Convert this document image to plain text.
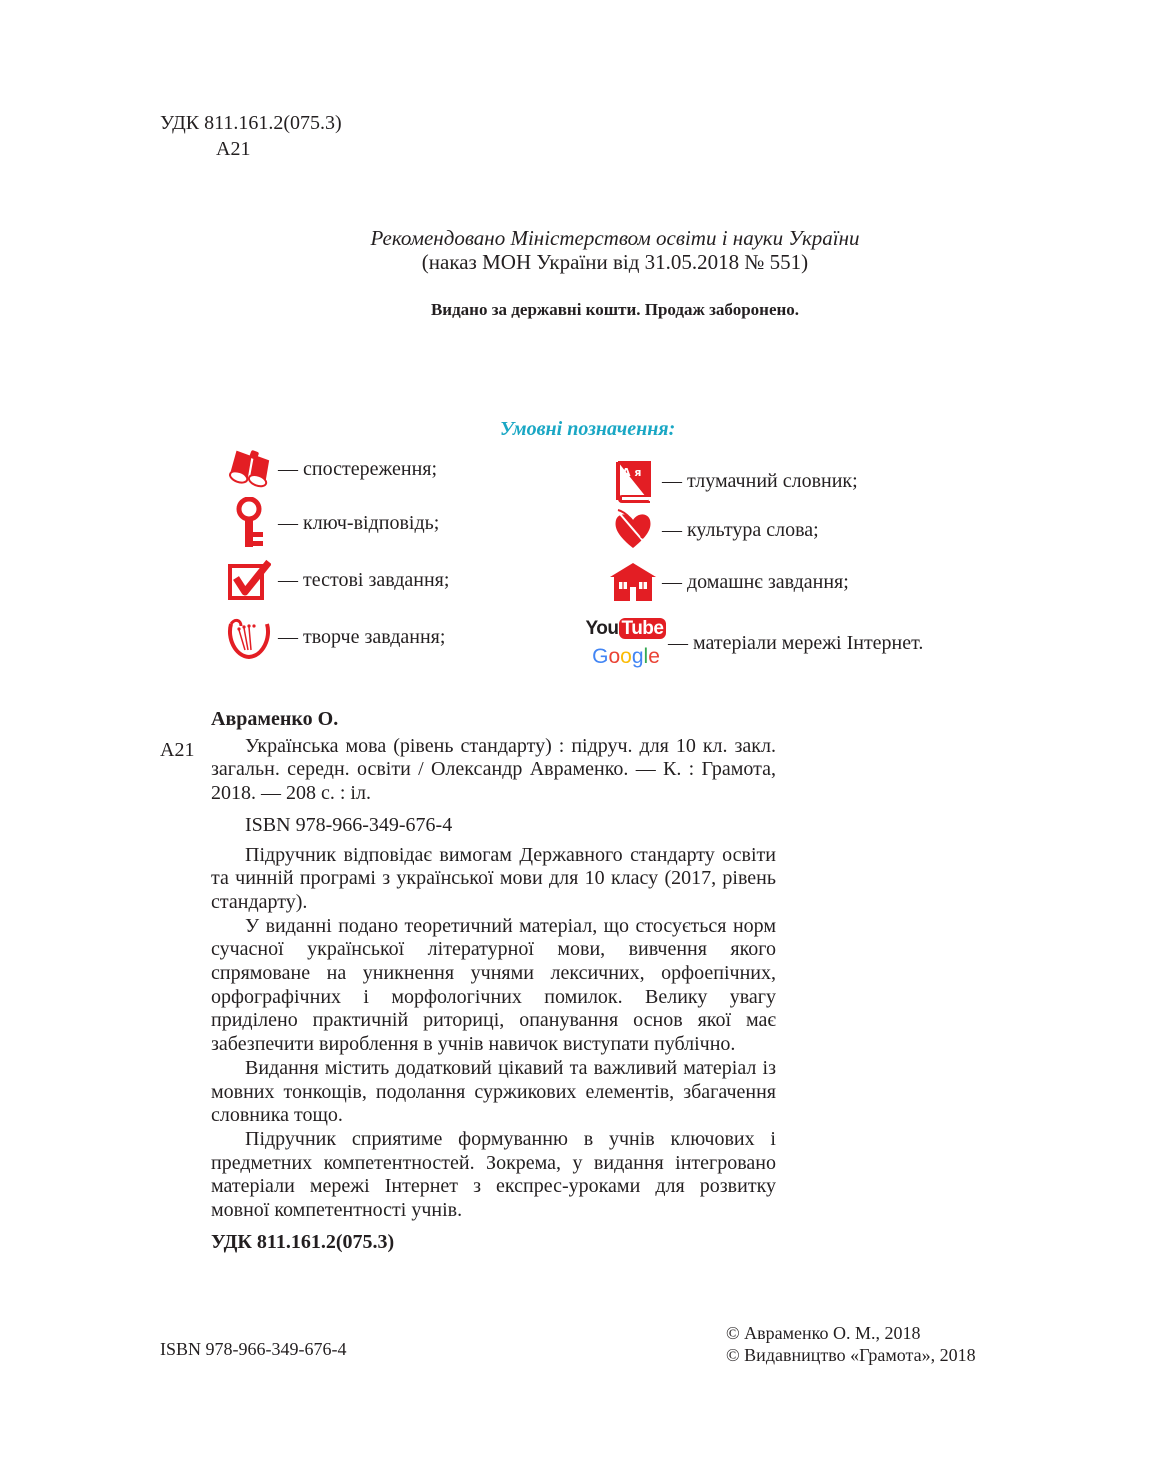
УДК 811.161.2(075.3)
А21
Рекомендовано Міністерством освіти і науки України
(наказ МОН України від 31.05.2018 № 551)
Видано за державні кошти. Продаж заборонено.
Умовні позначення:
— спостереження;
— ключ-відповідь;
— тестові завдання;
— творче завдання;
А я — тлумачний словник;
— культура слова;
— домашнє завдання;
You Tube
Google
— матеріали мережі Інтернет.
А21

Авраменко О.

Українська мова (рівень стандарту) : підруч. для 10 кл. закл.

загальн. середн. освіти / Олександр Авраменко. — К. : Грамота, 2018. — 208 с. : іл.

ISBN 978-966-349-676-4

Підручник відповідає вимогам Державного стандарту освіти та чинній програмі з української мови для 10 класу (2017, рівень стандарту).

У виданні подано теоретичний матеріал, що стосується норм сучасної української літературної мови, вивчення якого спрямоване на уникнення учнями лексичних, орфоепічних, орфографічних і морфологічних помилок. Велику увагу приділено практичній риториці, опанування основ якої має забезпечити вироблення в учнів навичок виступати публічно.

Видання містить додатковий цікавий та важливий матеріал із мовних тонкощів, подолання суржикових елементів, збагачення словника тощо.

Підручник сприятиме формуванню в учнів ключових і предметних компетентностей. Зокрема, у видання інтегровано матеріали мережі Інтернет з експрес-уроками для розвитку мовної компетентності учнів.

УДК 811.161.2(075.3)

ISBN 978-966-349-676-4
© Авраменко О. М., 2018
© Видавництво «Грамота», 2018
